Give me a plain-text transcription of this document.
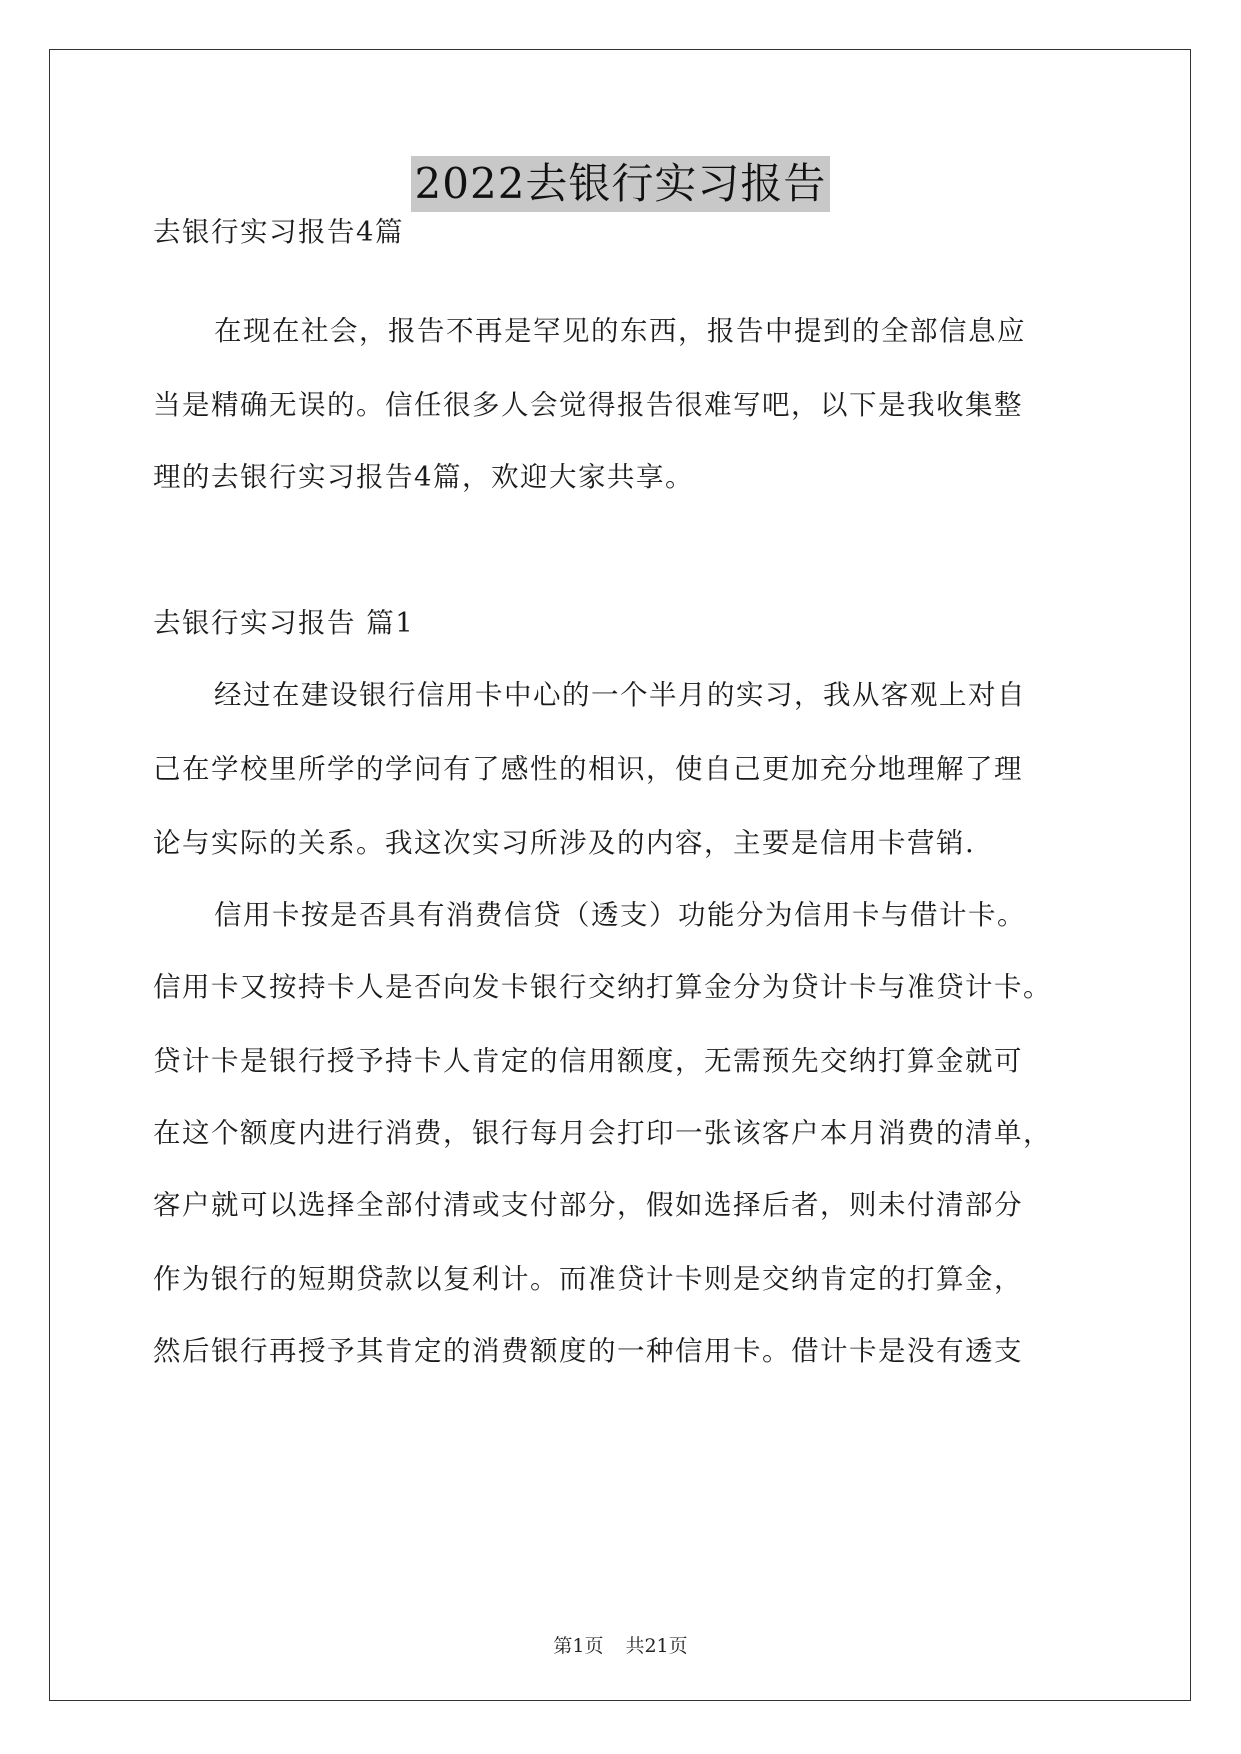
2022去银行实习报告
去银行实习报告4篇
在现在社会，报告不再是罕见的东西，报告中提到的全部信息应
当是精确无误的。信任很多人会觉得报告很难写吧，以下是我收集整
理的去银行实习报告4篇，欢迎大家共享。
去银行实习报告 篇1
经过在建设银行信用卡中心的一个半月的实习，我从客观上对自
己在学校里所学的学问有了感性的相识，使自己更加充分地理解了理
论与实际的关系。我这次实习所涉及的内容，主要是信用卡营销.
信用卡按是否具有消费信贷（透支）功能分为信用卡与借计卡。
信用卡又按持卡人是否向发卡银行交纳打算金分为贷计卡与准贷计卡。
贷计卡是银行授予持卡人肯定的信用额度，无需预先交纳打算金就可
在这个额度内进行消费，银行每月会打印一张该客户本月消费的清单，
客户就可以选择全部付清或支付部分，假如选择后者，则未付清部分
作为银行的短期贷款以复利计。而准贷计卡则是交纳肯定的打算金，
然后银行再授予其肯定的消费额度的一种信用卡。借计卡是没有透支
第1页 共21页
